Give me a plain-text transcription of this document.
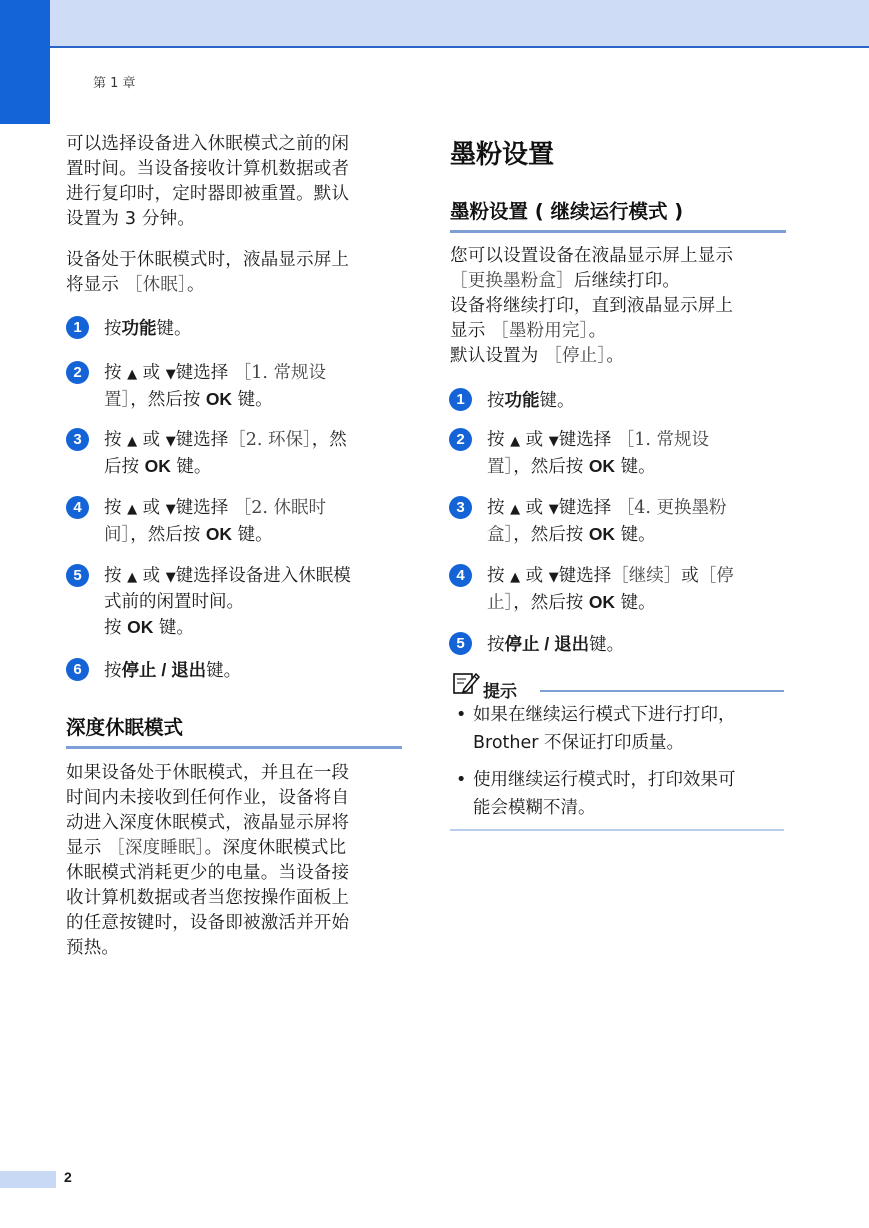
第 1 章
2
可以选择设备进入休眠模式之前的闲
置时间。当设备接收计算机数据或者
进行复印时，定时器即被重置。默认
设置为 3 分钟。
设备处于休眠模式时，液晶显示屏上
将显示 ［休眠］。
1	按功能键。
2	按 ▲ 或 ▼键选择 ［1. 常规设
置］，然后按 OK 键。
3	按 ▲ 或 ▼键选择［2. 环保］，然
后按 OK 键。
4	按 ▲ 或 ▼键选择 ［2. 休眠时
间］，然后按 OK 键。
5	按 ▲ 或 ▼键选择设备进入休眠模
式前的闲置时间。
按 OK 键。
6	按停止 / 退出键。
深度休眠模式
如果设备处于休眠模式，并且在一段
时间内未接收到任何作业，设备将自
动进入深度休眠模式，液晶显示屏将
显示 ［深度睡眠］。深度休眠模式比
休眠模式消耗更少的电量。当设备接
收计算机数据或者当您按操作面板上
的任意按键时，设备即被激活并开始
预热。
墨粉设置
墨粉设置 ( 继续运行模式 )
您可以设置设备在液晶显示屏上显示
［更换墨粉盒］后继续打印。
设备将继续打印，直到液晶显示屏上
显示 ［墨粉用完］。
默认设置为 ［停止］。
1	按功能键。
2	按 ▲ 或 ▼键选择 ［1. 常规设
置］，然后按 OK 键。
3	按 ▲ 或 ▼键选择 ［4. 更换墨粉
盒］，然后按 OK 键。
4	按 ▲ 或 ▼键选择［继续］或［停
止］，然后按 OK 键。
5	按停止 / 退出键。
提示
• 如果在继续运行模式下进行打印，
Brother 不保证打印质量。
• 使用继续运行模式时，打印效果可
能会模糊不清。
